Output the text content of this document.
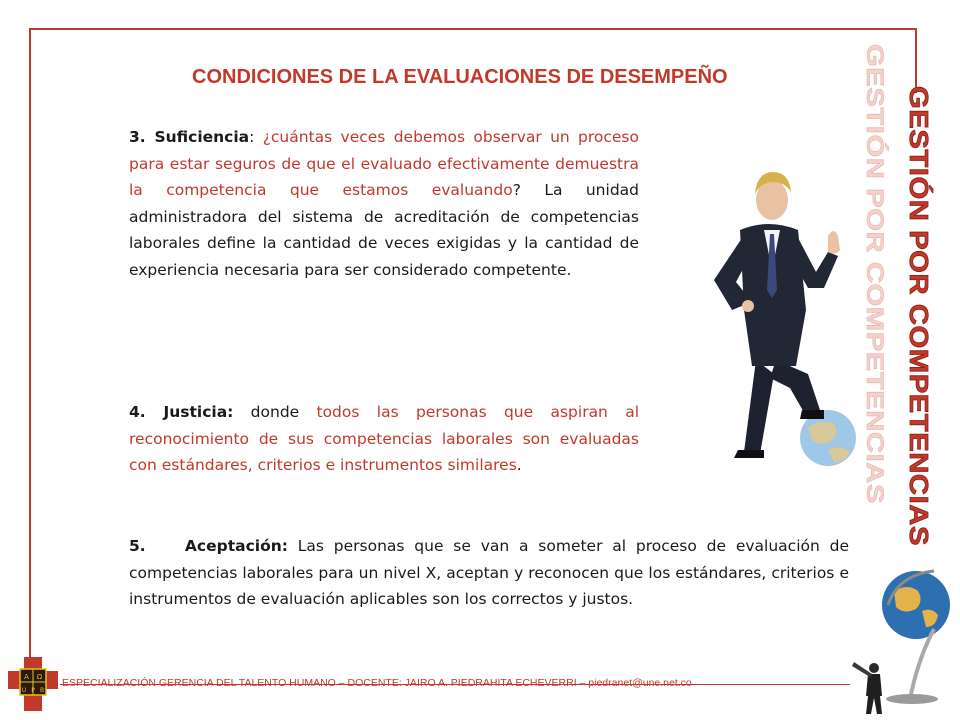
CONDICIONES DE LA EVALUACIONES DE DESEMPEÑO
3. Suficiencia: ¿cuántas veces debemos observar un proceso para estar seguros de que el evaluado efectivamente demuestra la competencia que estamos evaluando? La unidad administradora del sistema de acreditación de competencias laborales define la cantidad de veces exigidas y la cantidad de experiencia necesaria para ser considerado competente.
4. Justicia: donde todos las personas que aspiran al reconocimiento de sus competencias laborales son evaluadas con estándares, criterios e instrumentos similares.
5.	Aceptación: Las personas que se van a someter al proceso de evaluación de competencias laborales para un nivel X, aceptan y reconocen que los estándares, criterios e instrumentos de evaluación aplicables son los correctos y justos.
GESTIÓN POR COMPETENCIAS GESTIÓN POR COMPETENCIAS
A Ω
U P B
ESPECIALIZACIÓN GERENCIA DEL TALENTO HUMANO – DOCENTE: JAIRO A. PIEDRAHITA ECHEVERRI – piedranet@une.net.co
